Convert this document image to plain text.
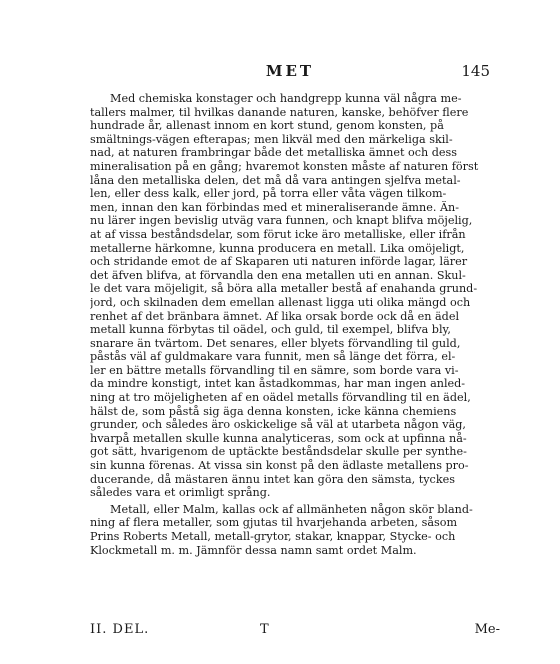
MET	145
Med chemiska konstager och handgrepp kunna väl några me-
tallers malmer, til hvilkas danande naturen, kanske, behöfver flere
hundrade år, allenast innom en kort stund, genom konsten, på
smältnings-vägen efterapas; men likväl med den märkeliga skil-
nad, at naturen frambringar både det metalliska ämnet och dess
mineralisation på en gång; hvaremot konsten måste af naturen först
låna den metalliska delen, det må då vara antingen sjelfva metal-
len, eller dess kalk, eller jord, på torra eller våta vägen tilkom-
men, innan den kan förbindas med et mineraliserande ämne. Än-
nu lärer ingen bevislig utväg vara funnen, och knapt blifva möjelig,
at af vissa beståndsdelar, som förut icke äro metalliske, eller ifrån
metallerne härkomne, kunna producera en metall. Lika omöjeligt,
och stridande emot de af Skaparen uti naturen införde lagar, lärer
det äfven blifva, at förvandla den ena metallen uti en annan. Skul-
le det vara möjeligit, så böra alla metaller bestå af enahanda grund-
jord, och skilnaden dem emellan allenast ligga uti olika mängd och
renhet af det bränbara ämnet. Af lika orsak borde ock då en ädel
metall kunna förbytas til oädel, och guld, til exempel, blifva bly,
snarare än tvärtom. Det senares, eller blyets förvandling til guld,
påstås väl af guldmakare vara funnit, men så länge det förra, el-
ler en bättre metalls förvandling til en sämre, som borde vara vi-
da mindre konstigt, intet kan åstadkommas, har man ingen anled-
ning at tro möjeligheten af en oädel metalls förvandling til en ädel,
hälst de, som påstå sig äga denna konsten, icke känna chemiens
grunder, och således äro oskickelige så väl at utarbeta någon väg,
hvarpå metallen skulle kunna analyticeras, som ock at upfinna nå-
got sätt, hvarigenom de uptäckte beståndsdelar skulle per synthe-
sin kunna förenas. At vissa sin konst på den ädlaste metallens pro-
ducerande, då mästaren ännu intet kan göra den sämsta, tyckes
således vara et orimligt språng.
Metall, eller Malm, kallas ock af allmänheten någon skör bland-
ning af flera metaller, som gjutas til hvarjehanda arbeten, såsom
Prins Roberts Metall, metall-grytor, stakar, knappar, Stycke- och
Klockmetall m. m. Jämnför dessa namn samt ordet Malm.
II. DEL.	T	Me-
